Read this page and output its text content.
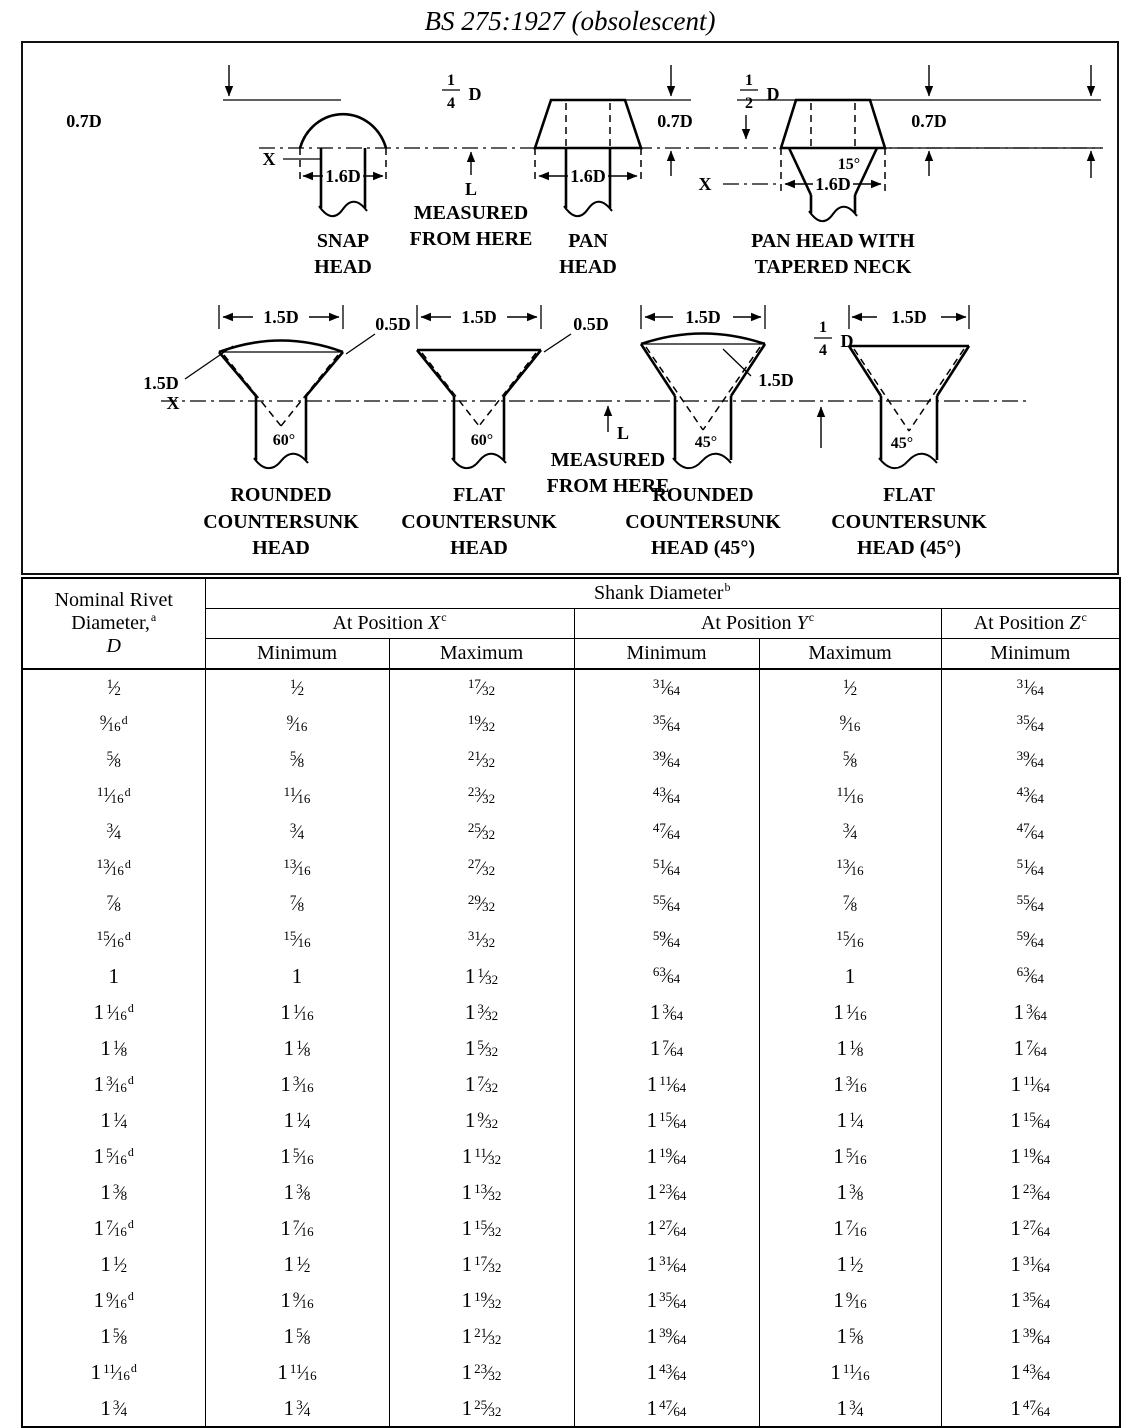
BS 275:1927 (obsolescent)
1.6D
0.7D
X
1
4 D
L
MEASURED
FROM HERE
1.6D
0.7D
1
2 D
15°
1.6D
X
0.7D
SNAP
HEAD
PAN
HEAD
PAN HEAD WITH
TAPERED NECK
X
1.5D	0.5D
1.5D
60°
1.5D	0.5D
60°	L
MEASURED
FROM HERE
1.5D
1.5D
45°
1.5D
45°
1
4 D
ROUNDED
COUNTERSUNK
HEAD
FLAT
COUNTERSUNK
HEAD
ROUNDED
COUNTERSUNK
HEAD (45°)
FLAT
COUNTERSUNK
HEAD (45°)
Nominal Rivet
Diameter,$^a$
D	Shank Diameter$^b$
	At Position X$^c$		At Position Y$^c$		At Position Z$^c$
	Minimum	Maximum	Minimum	Maximum	Minimum
$^1$⁄2	$^1$⁄2	$^{17}$⁄32	$^{31}$⁄64	$^1$⁄2	$^{31}$⁄64
$^9$⁄16$^d$	$^9$⁄16	$^{19}$⁄32	$^{35}$⁄64	$^9$⁄16	$^{35}$⁄64
$^5$⁄8	$^5$⁄8	$^{21}$⁄32	$^{39}$⁄64	$^5$⁄8	$^{39}$⁄64
$^{11}$⁄16$^d$	$^{11}$⁄16	$^{23}$⁄32	$^{43}$⁄64	$^{11}$⁄16	$^{43}$⁄64
$^3$⁄4	$^3$⁄4	$^{25}$⁄32	$^{47}$⁄64	$^3$⁄4	$^{47}$⁄64
$^{13}$⁄16$^d$	$^{13}$⁄16	$^{27}$⁄32	$^{51}$⁄64	$^{13}$⁄16	$^{51}$⁄64
$^7$⁄8	$^7$⁄8	$^{29}$⁄32	$^{55}$⁄64	$^7$⁄8	$^{55}$⁄64
$^{15}$⁄16$^d$	$^{15}$⁄16	$^{31}$⁄32	$^{59}$⁄64	$^{15}$⁄16	$^{59}$⁄64
1	1	1 $^1$⁄32	$^{63}$⁄64	1	$^{63}$⁄64
1 $^1$⁄16$^d$	1 $^1$⁄16	1 $^3$⁄32	1 $^3$⁄64	1 $^1$⁄16	1 $^3$⁄64
1 $^1$⁄8	1 $^1$⁄8	1 $^5$⁄32	1 $^7$⁄64	1 $^1$⁄8	1 $^7$⁄64
1 $^3$⁄16$^d$	1 $^3$⁄16	1 $^7$⁄32	1 $^{11}$⁄64	1 $^3$⁄16	1 $^{11}$⁄64
1 $^1$⁄4	1 $^1$⁄4	1 $^9$⁄32	1 $^{15}$⁄64	1 $^1$⁄4	1 $^{15}$⁄64
1 $^5$⁄16$^d$	1 $^5$⁄16	1 $^{11}$⁄32	1 $^{19}$⁄64	1 $^5$⁄16	1 $^{19}$⁄64
1 $^3$⁄8	1 $^3$⁄8	1 $^{13}$⁄32	1 $^{23}$⁄64	1 $^3$⁄8	1 $^{23}$⁄64
1 $^7$⁄16$^d$	1 $^7$⁄16	1 $^{15}$⁄32	1 $^{27}$⁄64	1 $^7$⁄16	1 $^{27}$⁄64
1 $^1$⁄2	1 $^1$⁄2	1 $^{17}$⁄32	1 $^{31}$⁄64	1 $^1$⁄2	1 $^{31}$⁄64
1 $^9$⁄16$^d$	1 $^9$⁄16	1 $^{19}$⁄32	1 $^{35}$⁄64	1 $^9$⁄16	1 $^{35}$⁄64
1 $^5$⁄8	1 $^5$⁄8	1 $^{21}$⁄32	1 $^{39}$⁄64	1 $^5$⁄8	1 $^{39}$⁄64
1 $^{11}$⁄16$^d$	1 $^{11}$⁄16	1 $^{23}$⁄32	1 $^{43}$⁄64	1 $^{11}$⁄16	1 $^{43}$⁄64
1 $^3$⁄4	1 $^3$⁄4	1 $^{25}$⁄32	1 $^{47}$⁄64	1 $^3$⁄4	1 $^{47}$⁄64
